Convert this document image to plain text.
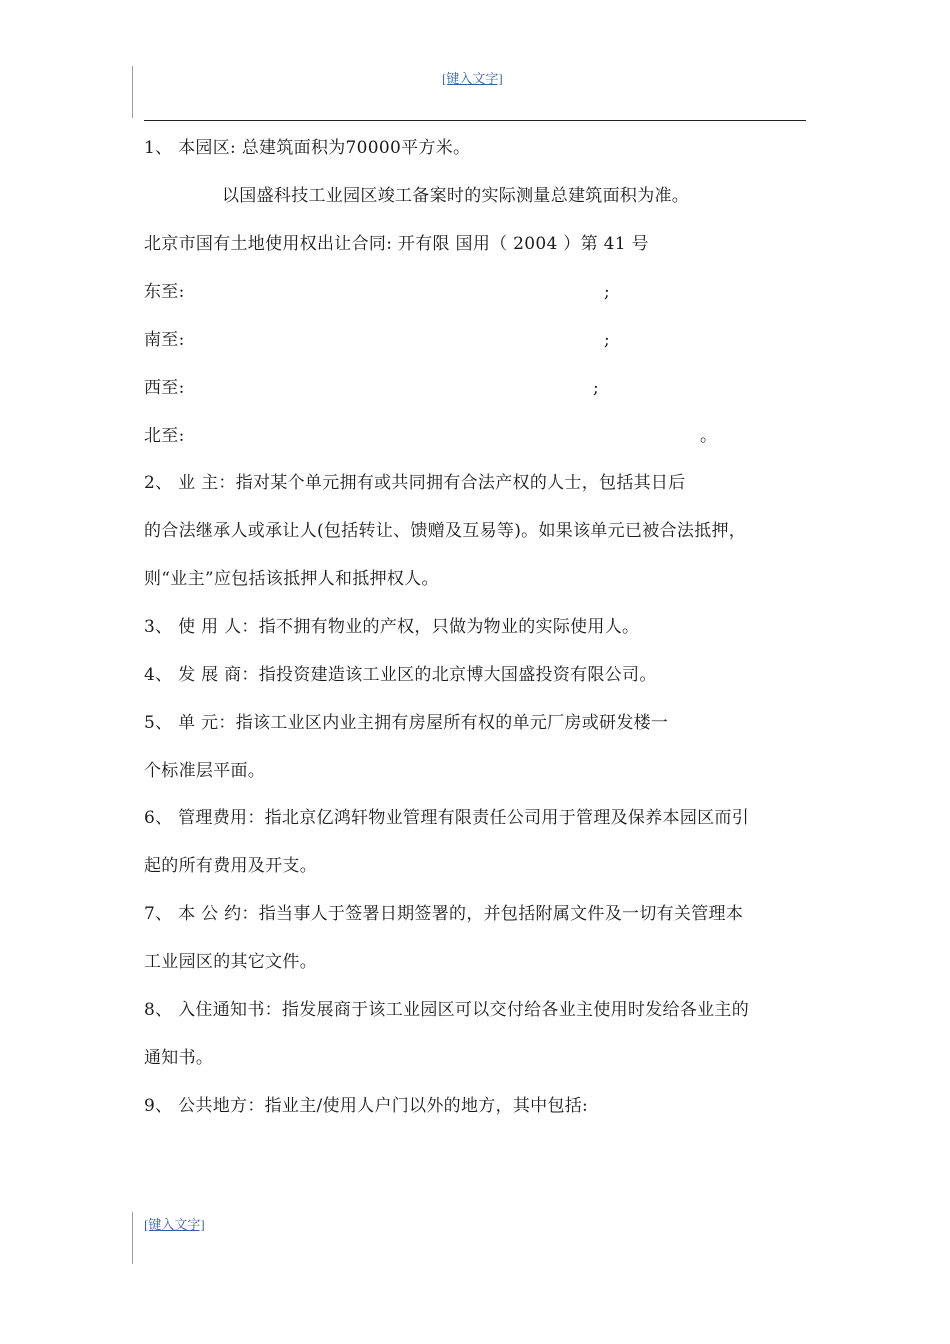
[键入文字]
1、 本园区: 总建筑面积为70000平方米。
以国盛科技工业园区竣工备案时的实际测量总建筑面积为准。
北京市国有土地使用权出让合同: 开有限 国用（ 2004 ）第 41 号
东至:	;
南至:	;
西至:	;
北至:	。
2、 业 主：指对某个单元拥有或共同拥有合法产权的人士，包括其日后
的合法继承人或承让人(包括转让、馈赠及互易等)。如果该单元已被合法抵押，
则“业主”应包括该抵押人和抵押权人。
3、 使 用 人：指不拥有物业的产权，只做为物业的实际使用人。
4、 发 展 商：指投资建造该工业区的北京博大国盛投资有限公司。
5、 单 元：指该工业区内业主拥有房屋所有权的单元厂房或研发楼一
个标准层平面。
6、 管理费用：指北京亿鸿轩物业管理有限责任公司用于管理及保养本园区而引
起的所有费用及开支。
7、 本 公 约：指当事人于签署日期签署的，并包括附属文件及一切有关管理本
工业园区的其它文件。
8、 入住通知书：指发展商于该工业园区可以交付给各业主使用时发给各业主的
通知书。
9、 公共地方：指业主/使用人户门以外的地方，其中包括:
[键入文字]
